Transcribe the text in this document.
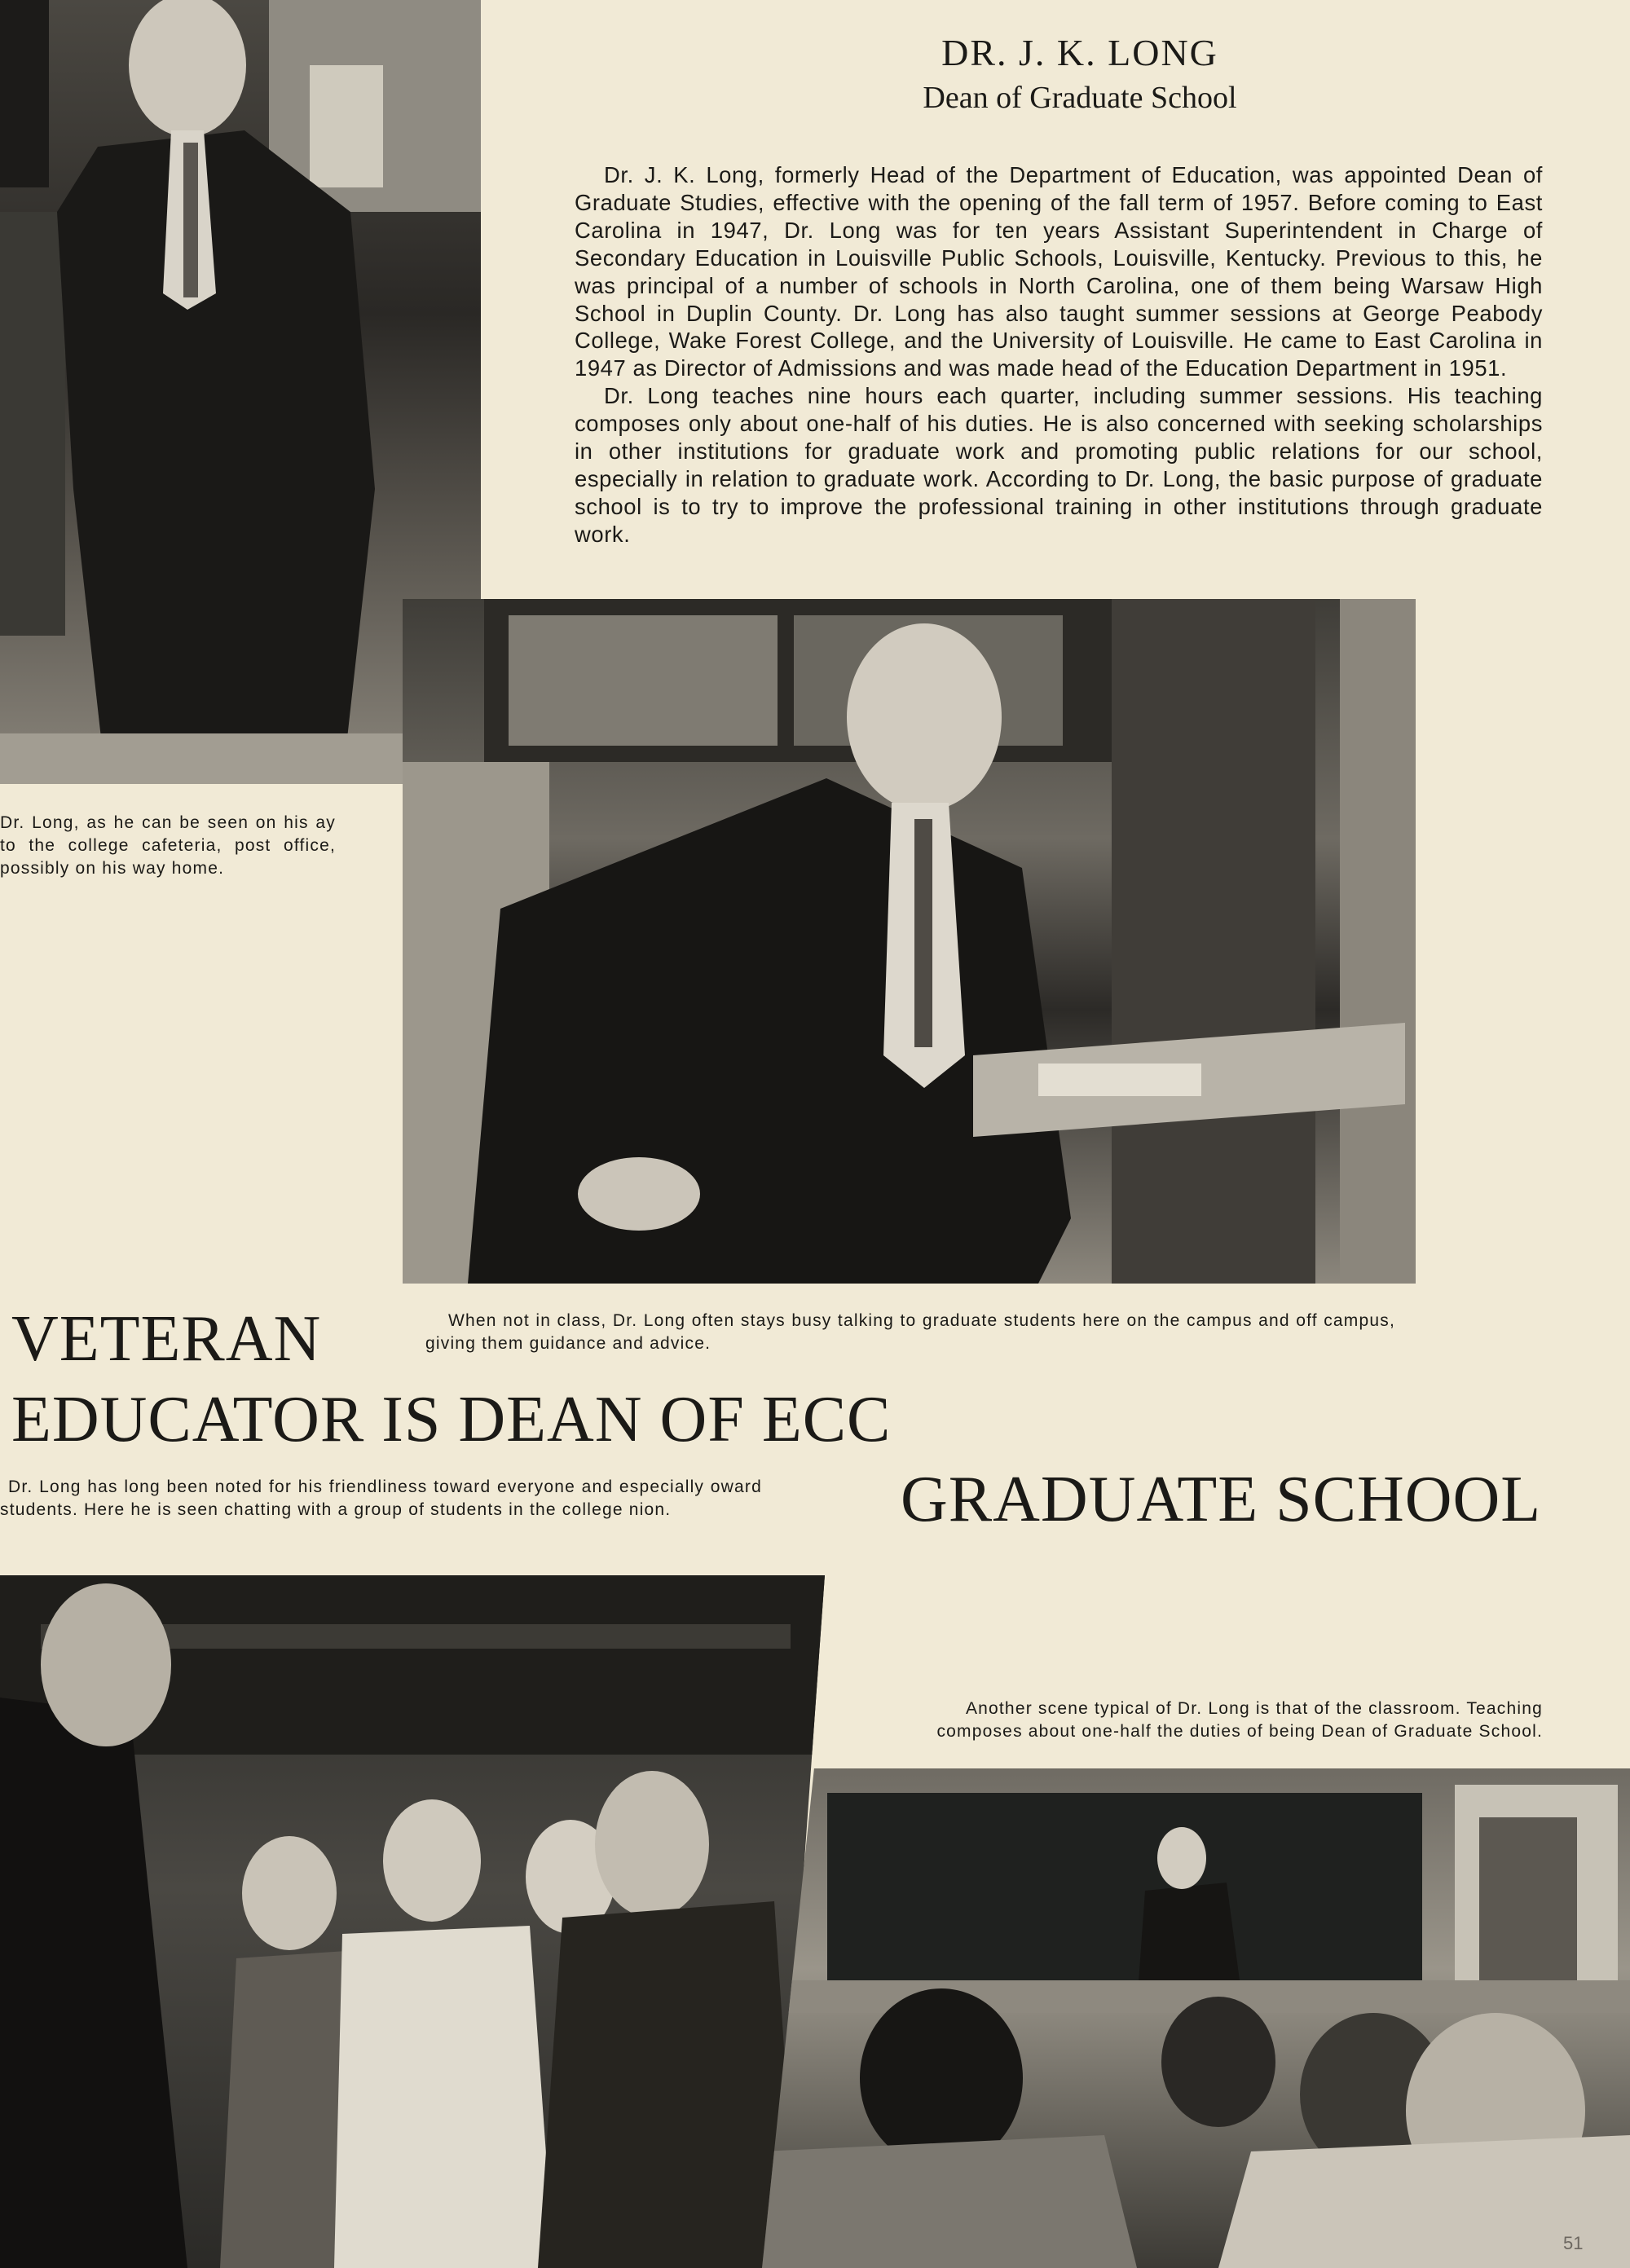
DR. J. K. LONG
Dean of Graduate School

Dr. J. K. Long, formerly Head of the Department of Education, was appointed Dean of Graduate Studies, effective with the opening of the fall term of 1957. Before coming to East Carolina in 1947, Dr. Long was for ten years Assistant Superintendent in Charge of Secondary Education in Louisville Public Schools, Louisville, Kentucky. Previous to this, he was principal of a number of schools in North Carolina, one of them being Warsaw High School in Duplin County. Dr. Long has also taught summer sessions at George Peabody College, Wake Forest College, and the University of Louisville. He came to East Carolina in 1947 as Director of Admissions and was made head of the Education Department in 1951.

Dr. Long teaches nine hours each quarter, including summer sessions. His teaching composes only about one-half of his duties. He is also concerned with seeking scholarships in other institutions for graduate work and promoting public relations for our school, especially in relation to graduate work. According to Dr. Long, the basic purpose of graduate school is to try to improve the professional training in other institutions through graduate work.

Dr. Long, as he can be seen on his ay to the college cafeteria, post office, possibly on his way home.
When not in class, Dr. Long often stays busy talking to graduate students here on the campus and off campus, giving them guidance and advice.
VETERAN
EDUCATOR IS DEAN OF ECC
GRADUATE SCHOOL
Dr. Long has long been noted for his friendliness toward everyone and especially oward students. Here he is seen chatting with a group of students in the college nion.
Another scene typical of Dr. Long is that of the classroom. Teaching composes about one-half the duties of being Dean of Graduate School.
51
